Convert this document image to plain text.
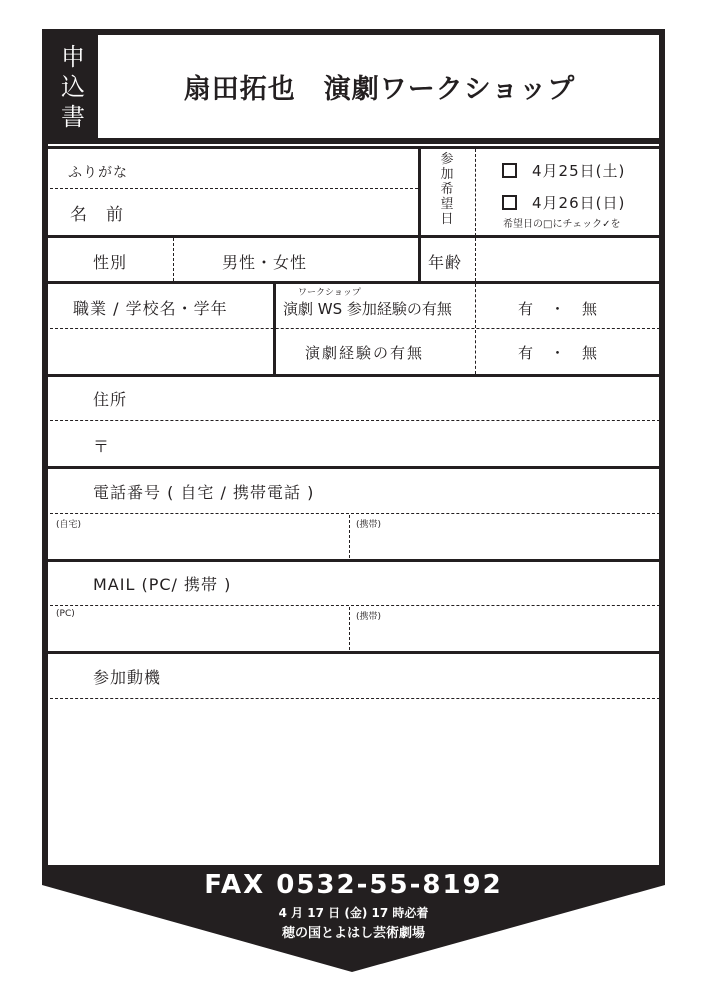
申
込
書
扇田拓也　演劇ワークショップ
ふりがな
名　前
参
加
希
望
日
4月25日(土)
4月26日(日)
希望日の□にチェック✓を
性別	男性・女性	年齢
職業 / 学校名・学年
ワークショップ
演劇 WS 参加経験の有無	有　・　無
演劇経験の有無	有　・　無
住所
〒
電話番号 ( 自宅 / 携帯電話 )
(自宅)	(携帯)
MAIL (PC/ 携帯 )
(PC)	(携帯)
参加動機
FAX 0532-55-8192
4 月 17 日 (金) 17 時必着
穂の国とよはし芸術劇場
